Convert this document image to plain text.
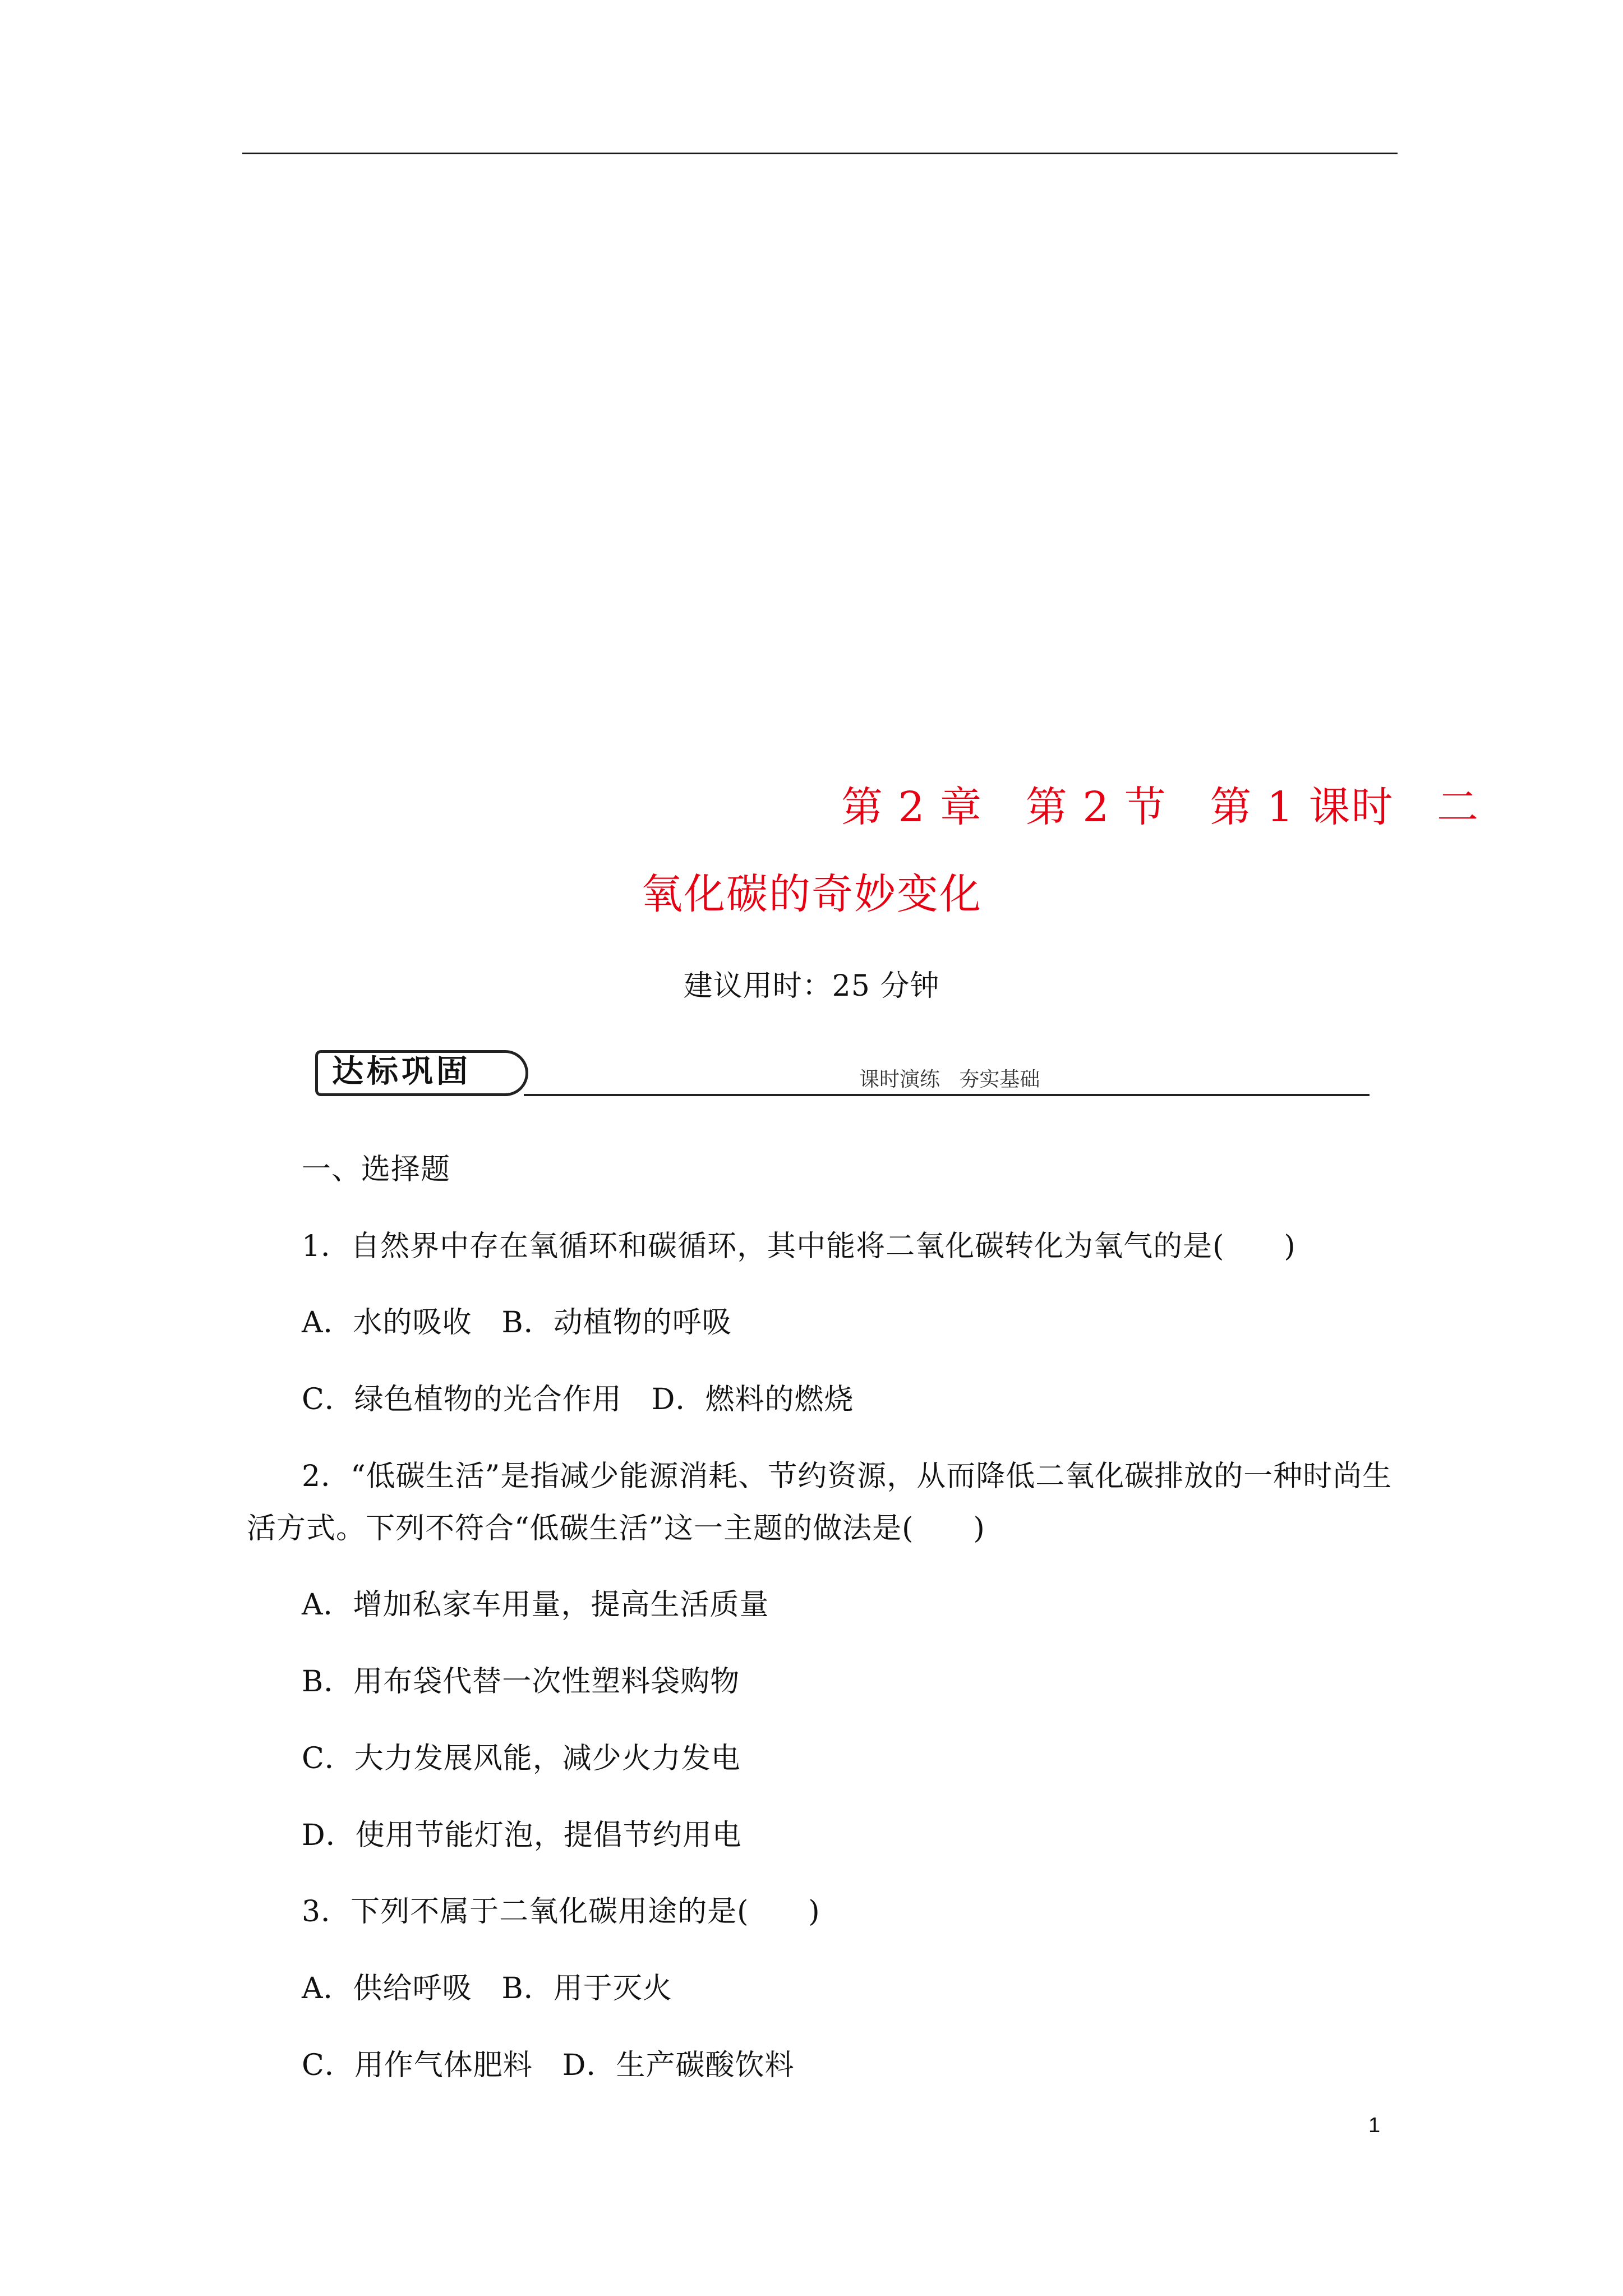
第 2 章   第 2 节   第 1 课时   二
氧化碳的奇妙变化
建议用时：25 分钟
达标巩固	课时演练   夯实基础
一、选择题
1．自然界中存在氧循环和碳循环，其中能将二氧化碳转化为氧气的是(　　)
A．水的吸收　B．动植物的呼吸
C．绿色植物的光合作用　D．燃料的燃烧
2．“低碳生活”是指减少能源消耗、节约资源，从而降低二氧化碳排放的一种时尚生
活方式。下列不符合“低碳生活”这一主题的做法是(　　)
A．增加私家车用量，提高生活质量
B．用布袋代替一次性塑料袋购物
C．大力发展风能，减少火力发电
D．使用节能灯泡，提倡节约用电
3．下列不属于二氧化碳用途的是(　　)
A．供给呼吸　B．用于灭火
C．用作气体肥料　D．生产碳酸饮料
1
